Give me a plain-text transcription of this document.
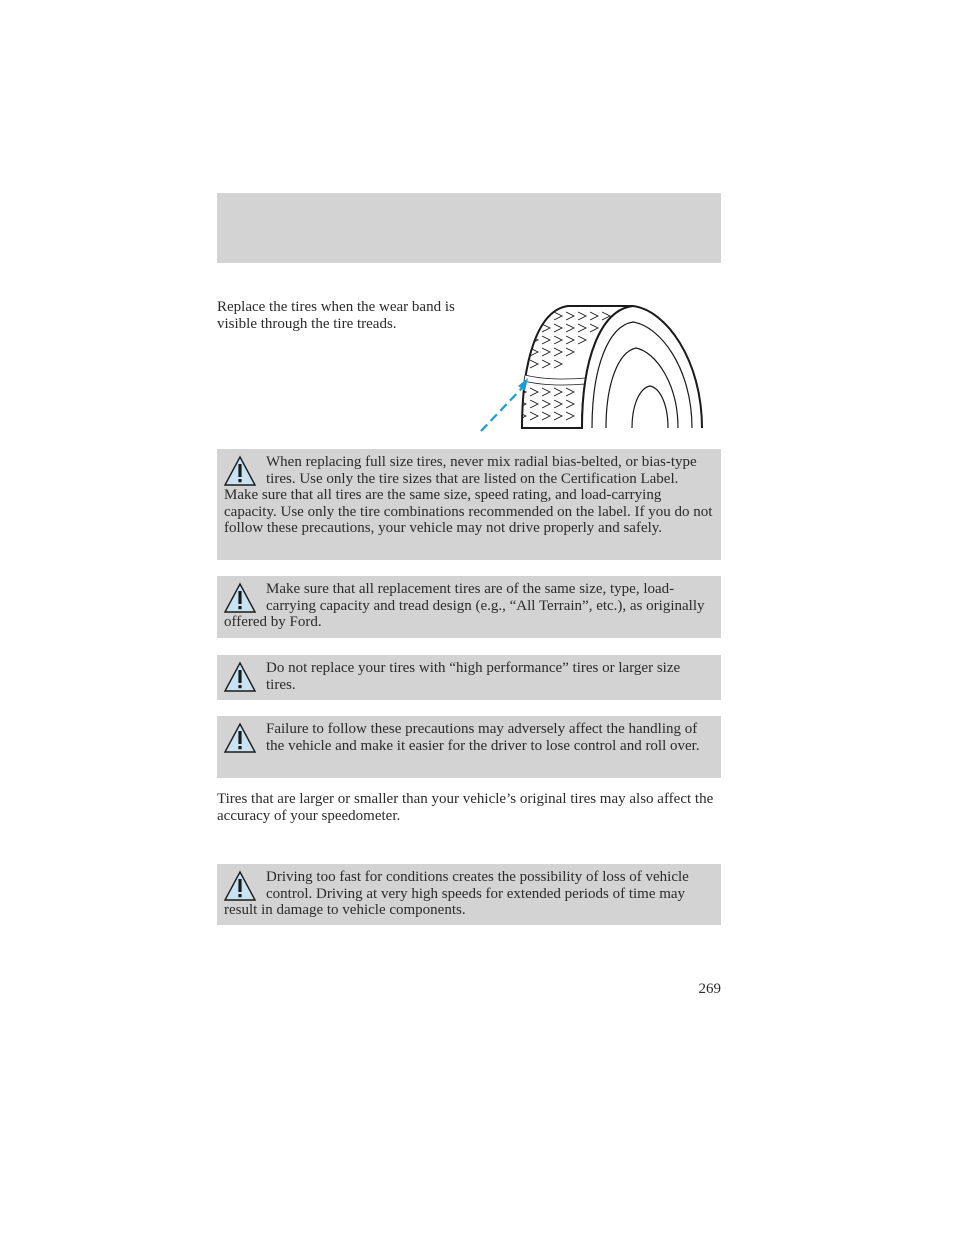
Replace the tires when the wear band is visible through the tire treads.
When replacing full size tires, never mix radial bias-belted, or bias-type tires. Use only the tire sizes that are listed on the Certification Label. Make sure that all tires are the same size, speed rating, and load-carrying capacity. Use only the tire combinations recommended on the label. If you do not follow these precautions, your vehicle may not drive properly and safely.
Make sure that all replacement tires are of the same size, type, load-carrying capacity and tread design (e.g., “All Terrain”, etc.), as originally offered by Ford.
Do not replace your tires with “high performance” tires or larger size tires.
Failure to follow these precautions may adversely affect the handling of the vehicle and make it easier for the driver to lose control and roll over.
Tires that are larger or smaller than your vehicle’s original tires may also affect the accuracy of your speedometer.
Driving too fast for conditions creates the possibility of loss of vehicle control. Driving at very high speeds for extended periods of time may result in damage to vehicle components.
269
